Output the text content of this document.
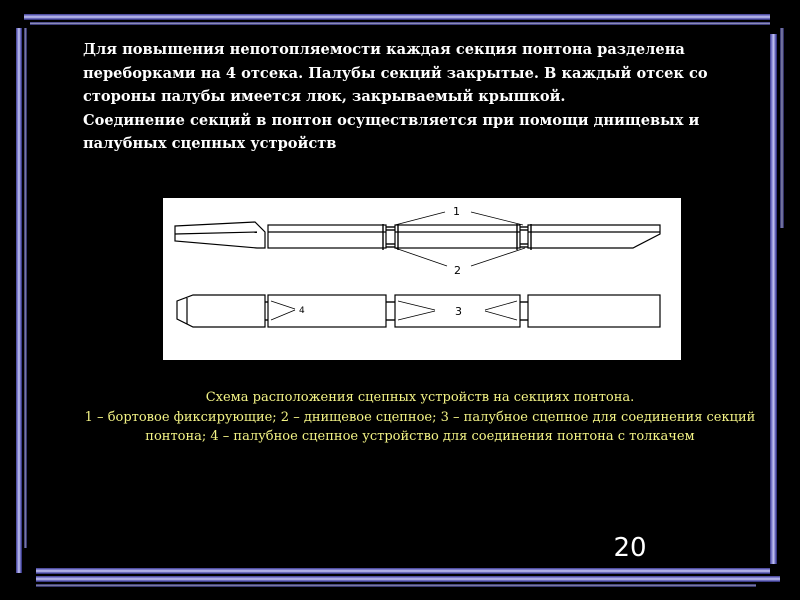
Для повышения непотопляемости каждая секция понтона разделена переборками на 4 отсека. Палубы секций закрытые. В каждый отсек со стороны палубы имеется люк, закрываемый крышкой.

Соединение секций в понтон осуществляется при помощи днищевых и палубных сцепных устройств

1
2
4	3
Схема расположения сцепных устройств на секциях понтона.
1 – бортовое фиксирующие; 2 – днищевое сцепное; 3 – палубное сцепное для соединения секций понтона; 4 – палубное сцепное устройство для соединения понтона с толкачем
20
